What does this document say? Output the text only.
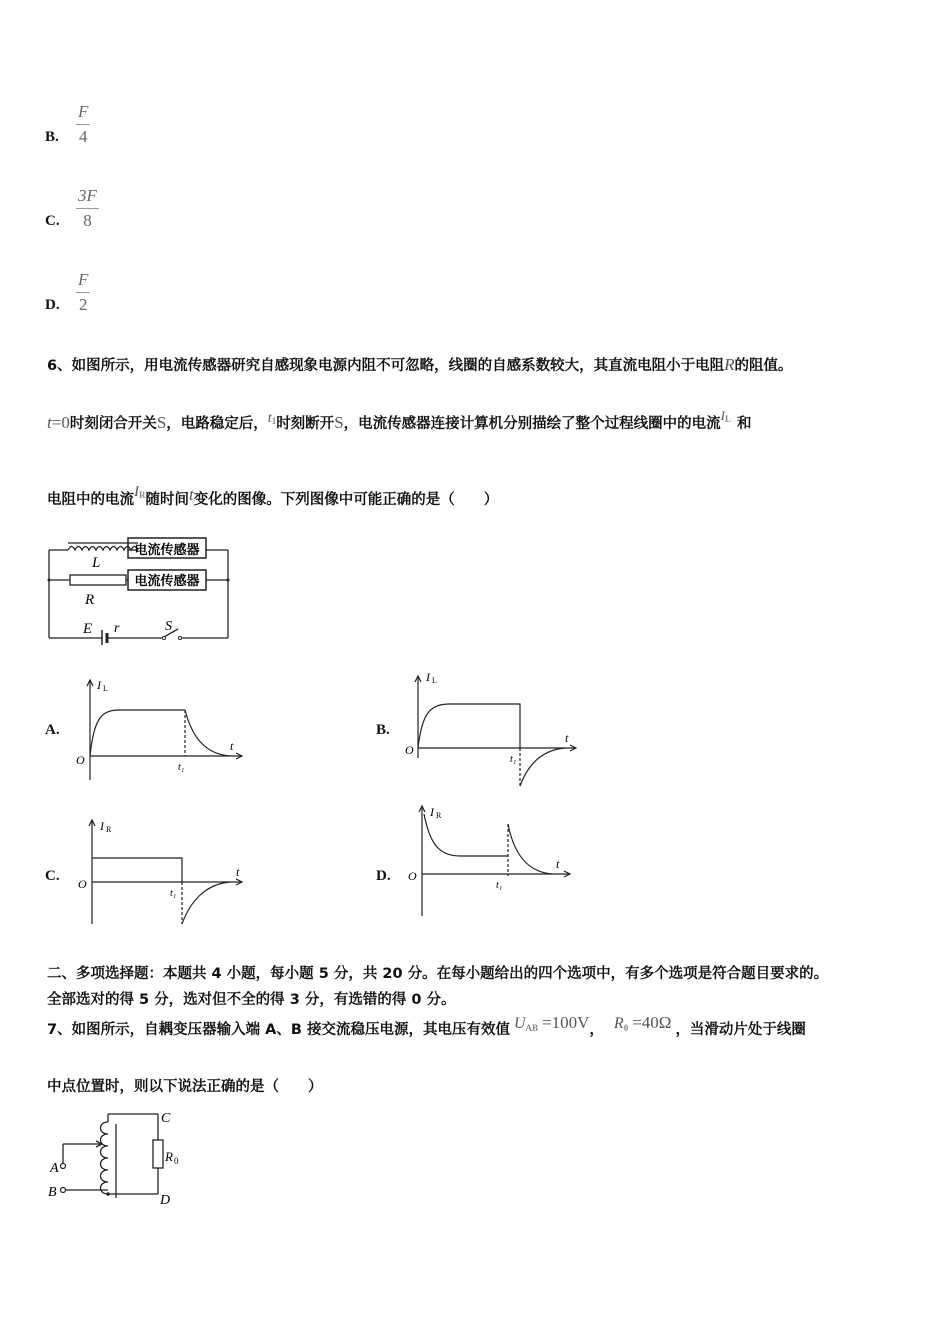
B. $\frac{F}{4}$
C. $\frac{3F}{8}$
D. $\frac{F}{2}$
6、如图所示，用电流传感器研究自感现象电源内阻不可忽略，线圈的自感系数较大，其直流电阻小于电阻R的阻值。
t=0时刻闭合开关S，电路稳定后，$t^1$时刻断开S，电流传感器连接计算机分别描绘了整个过程线圈中的电流$I^L$ 和
电阻中的电流$I^R$随时间t变化的图像。下列图像中可能正确的是（　　）
电流传感器
电流传感器
L
R
E r	S
A.
I L
O
t
t₁
B.
I L
O
t
t₁
C.
I R
O
t
t₁
D.
I R
O
t
t₁
二、多项选择题：本题共 4 小题，每小题 5 分，共 20 分。在每小题给出的四个选项中，有多个选项是符合题目要求的。
全部选对的得 5 分，选对但不全的得 3 分，有选错的得 0 分。
7、如图所示，自耦变压器输入端 A、B 接交流稳压电源，其电压有效值 $U^{AB} =100V$， $R^0 =40\Omega$ ，当滑动片处于线圈
中点位置时，则以下说法正确的是（　　）
A
B
C
D
R 0
